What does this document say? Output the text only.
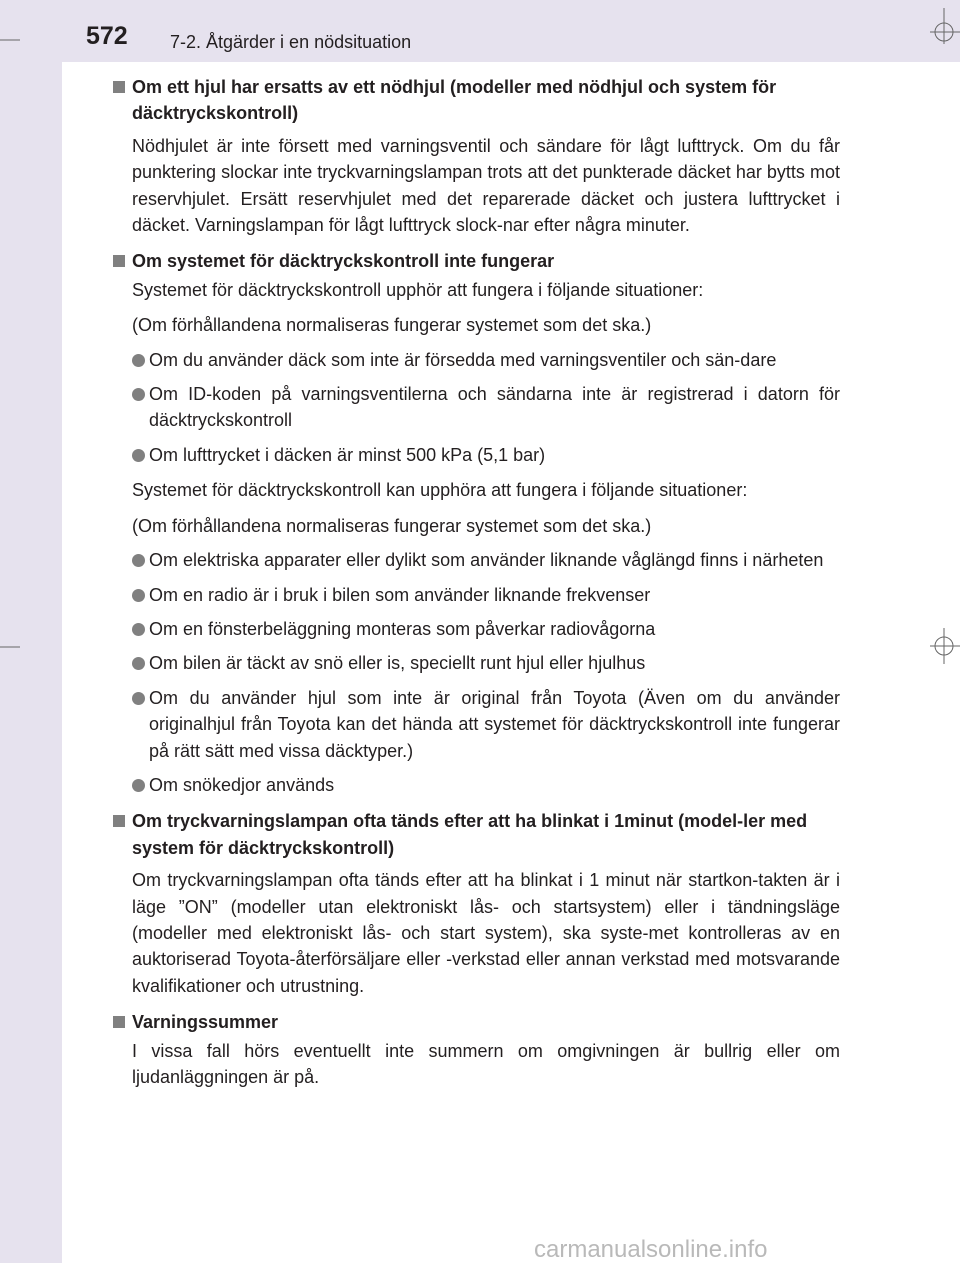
572 7-2. Åtgärder i en nödsituation
Om ett hjul har ersatts av ett nödhjul (modeller med nödhjul och system för däcktryckskontroll)
Nödhjulet är inte försett med varningsventil och sändare för lågt lufttryck. Om du får punktering slockar inte tryckvarningslampan trots att det punkterade däcket har bytts mot reservhjulet. Ersätt reservhjulet med det reparerade däcket och justera lufttrycket i däcket. Varningslampan för lågt lufttryck slock-nar efter några minuter.
Om systemet för däcktryckskontroll inte fungerar
Systemet för däcktryckskontroll upphör att fungera i följande situationer:
(Om förhållandena normaliseras fungerar systemet som det ska.)
Om du använder däck som inte är försedda med varningsventiler och sän-dare
Om ID-koden på varningsventilerna och sändarna inte är registrerad i datorn för däcktryckskontroll
Om lufttrycket i däcken är minst 500 kPa (5,1 bar)
Systemet för däcktryckskontroll kan upphöra att fungera i följande situationer:
(Om förhållandena normaliseras fungerar systemet som det ska.)
Om elektriska apparater eller dylikt som använder liknande våglängd finns i närheten
Om en radio är i bruk i bilen som använder liknande frekvenser
Om en fönsterbeläggning monteras som påverkar radiovågorna
Om bilen är täckt av snö eller is, speciellt runt hjul eller hjulhus
Om du använder hjul som inte är original från Toyota (Även om du använder originalhjul från Toyota kan det hända att systemet för däcktryckskontroll inte fungerar på rätt sätt med vissa däcktyper.)
Om snökedjor används
Om tryckvarningslampan ofta tänds efter att ha blinkat i 1minut (model-ler med system för däcktryckskontroll)
Om tryckvarningslampan ofta tänds efter att ha blinkat i 1 minut när startkon-takten är i läge ”ON” (modeller utan elektroniskt lås- och startsystem) eller i tändningsläge (modeller med elektroniskt lås- och start system), ska syste-met kontrolleras av en auktoriserad Toyota-återförsäljare eller -verkstad eller annan verkstad med motsvarande kvalifikationer och utrustning.
Varningssummer
I vissa fall hörs eventuellt inte summern om omgivningen är bullrig eller om ljudanläggningen är på.
carmanualsonline.info
